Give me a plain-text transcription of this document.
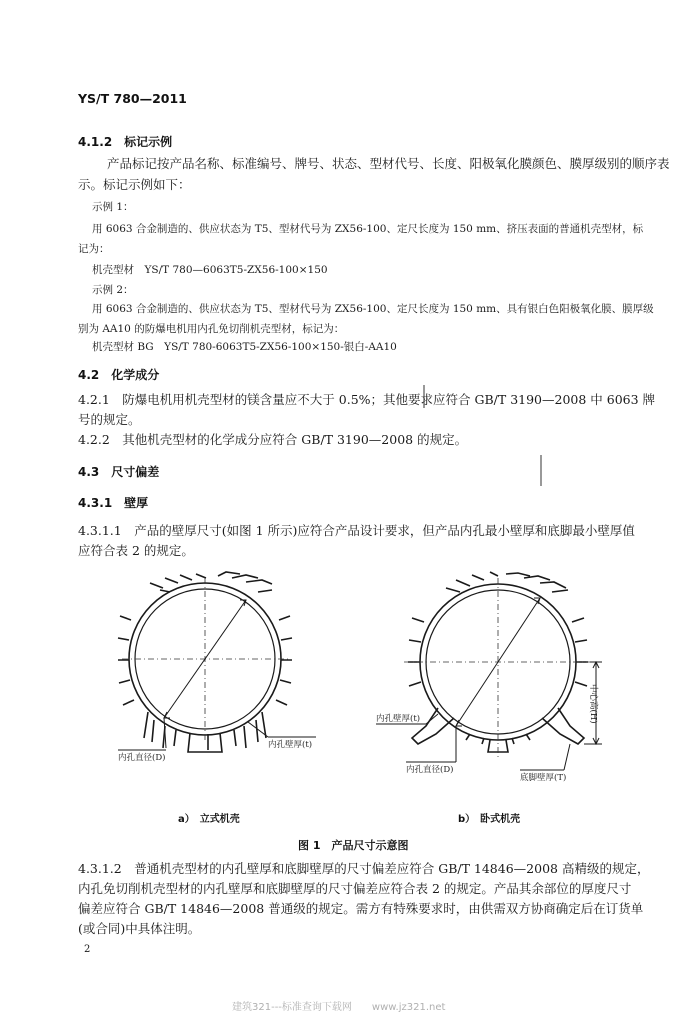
YS/T 780—2011
4.1.2　标记示例
产品标记按产品名称、标准编号、牌号、状态、型材代号、长度、阳极氧化膜颜色、膜厚级别的顺序表
示。标记示例如下：
示例 1：
用 6063 合金制造的、供应状态为 T5、型材代号为 ZX56-100、定尺长度为 150 mm、挤压表面的普通机壳型材，标
记为：
机壳型材　YS/T 780—6063T5-ZX56-100×150
示例 2：
用 6063 合金制造的、供应状态为 T5、型材代号为 ZX56-100、定尺长度为 150 mm、具有银白色阳极氧化膜、膜厚级
别为 AA10 的防爆电机用内孔免切削机壳型材，标记为：
机壳型材 BG　YS/T 780-6063T5-ZX56-100×150-银白-AA10
4.2　化学成分
4.2.1　防爆电机用机壳型材的镁含量应不大于 0.5%；其他要求应符合 GB/T 3190—2008 中 6063 牌
号的规定。
4.2.2　其他机壳型材的化学成分应符合 GB/T 3190—2008 的规定。
4.3　尺寸偏差
4.3.1　壁厚
4.3.1.1　产品的壁厚尺寸(如图 1 所示)应符合产品设计要求，但产品内孔最小壁厚和底脚最小壁厚值
应符合表 2 的规定。
内孔直径(D)
内孔壁厚(t)
内孔壁厚(t)
内孔直径(D)
底脚壁厚(T)
中心高(H)
a）　立式机壳	b）　卧式机壳
图 1　产品尺寸示意图
4.3.1.2　普通机壳型材的内孔壁厚和底脚壁厚的尺寸偏差应符合 GB/T 14846—2008 高精级的规定，
内孔免切削机壳型材的内孔壁厚和底脚壁厚的尺寸偏差应符合表 2 的规定。产品其余部位的厚度尺寸
偏差应符合 GB/T 14846—2008 普通级的规定。需方有特殊要求时，由供需双方协商确定后在订货单
(或合同)中具体注明。
2
建筑321---标准查询下载网　　www.jz321.net
